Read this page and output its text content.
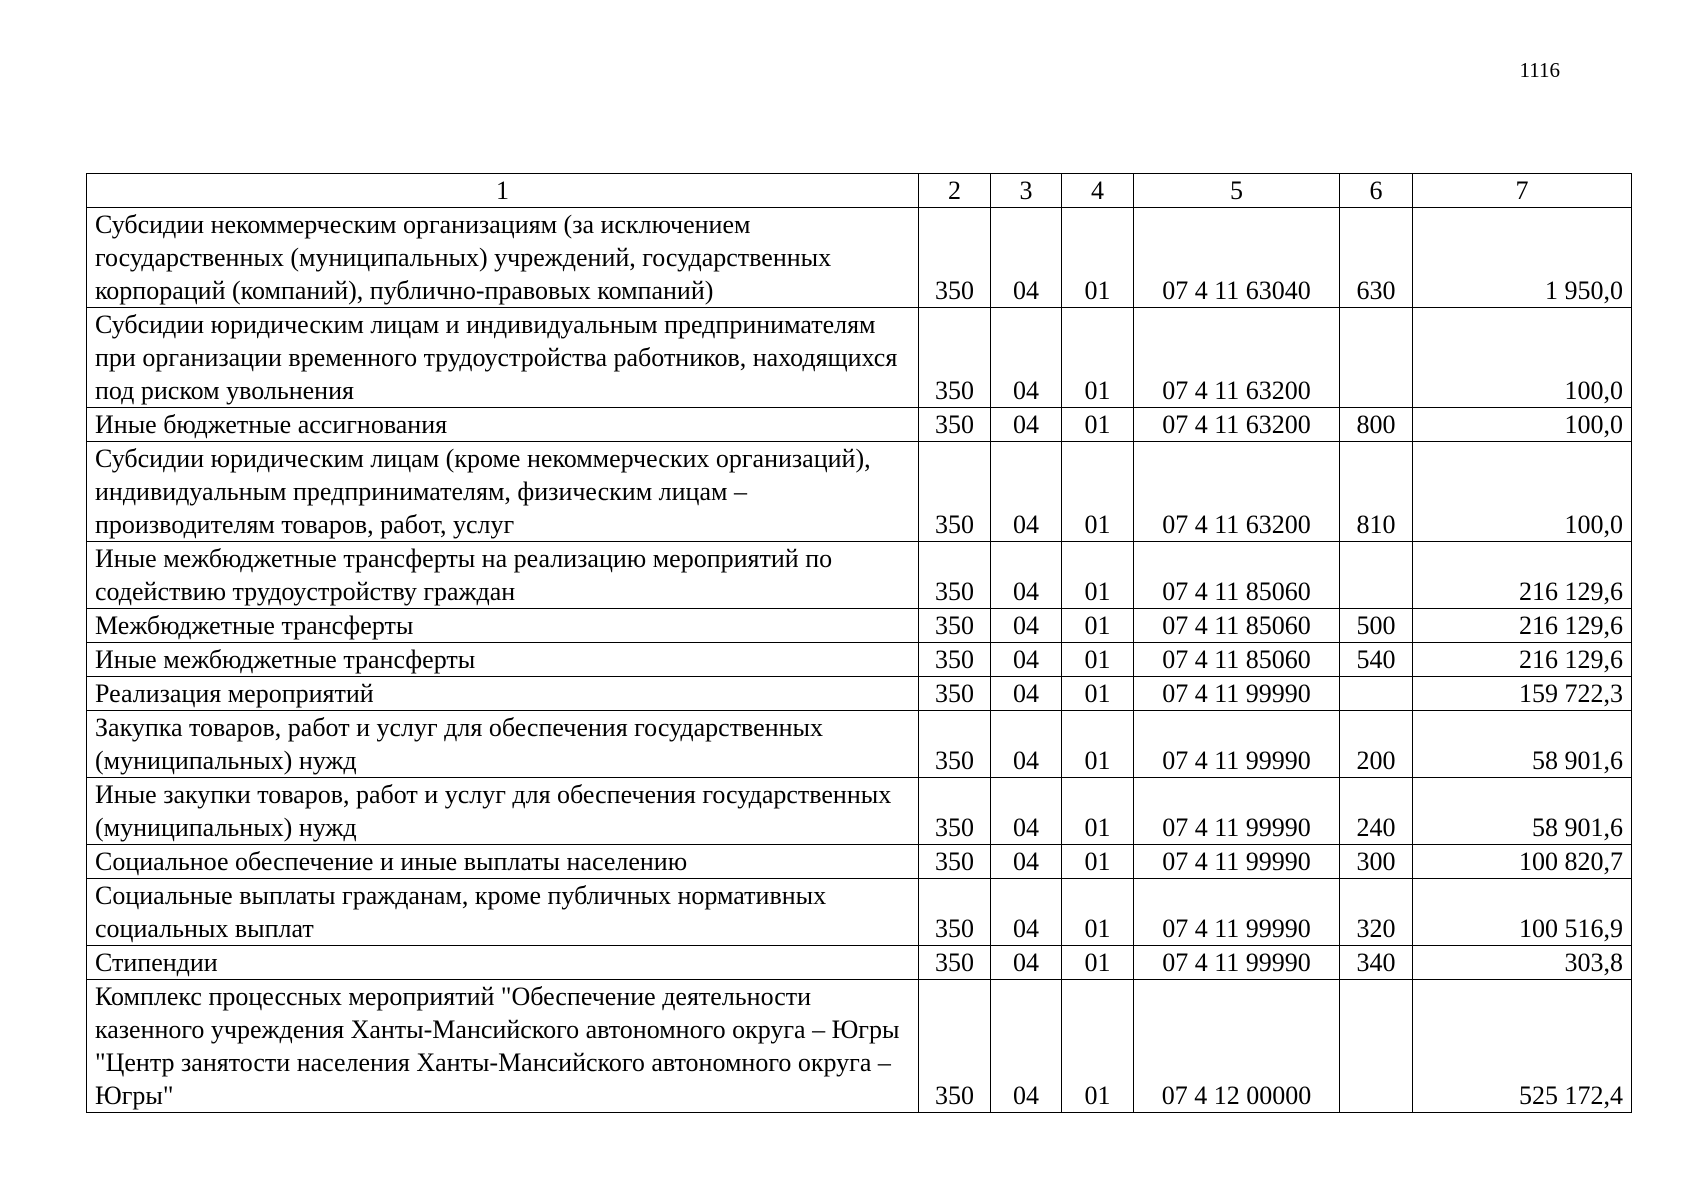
1116
1	2	3	4	5	6	7
Субсидии некоммерческим организациям (за исключением государственных (муниципальных) учреждений, государственных корпораций (компаний), публично-правовых компаний)	350	04	01	07 4 11 63040	630	1 950,0
Субсидии юридическим лицам и индивидуальным предпринимателям при организации временного трудоустройства работников, находящихся под риском увольнения	350	04	01	07 4 11 63200		100,0
Иные бюджетные ассигнования	350	04	01	07 4 11 63200	800	100,0
Субсидии юридическим лицам (кроме некоммерческих организаций), индивидуальным предпринимателям, физическим лицам – производителям товаров, работ, услуг	350	04	01	07 4 11 63200	810	100,0
Иные межбюджетные трансферты на реализацию мероприятий по содействию трудоустройству граждан	350	04	01	07 4 11 85060		216 129,6
Межбюджетные трансферты	350	04	01	07 4 11 85060	500	216 129,6
Иные межбюджетные трансферты	350	04	01	07 4 11 85060	540	216 129,6
Реализация мероприятий	350	04	01	07 4 11 99990		159 722,3
Закупка товаров, работ и услуг для обеспечения государственных (муниципальных) нужд	350	04	01	07 4 11 99990	200	58 901,6
Иные закупки товаров, работ и услуг для обеспечения государственных (муниципальных) нужд	350	04	01	07 4 11 99990	240	58 901,6
Социальное обеспечение и иные выплаты населению	350	04	01	07 4 11 99990	300	100 820,7
Социальные выплаты гражданам, кроме публичных нормативных социальных выплат	350	04	01	07 4 11 99990	320	100 516,9
Стипендии	350	04	01	07 4 11 99990	340	303,8
Комплекс процессных мероприятий "Обеспечение деятельности казенного учреждения Ханты-Мансийского автономного округа – Югры "Центр занятости населения Ханты-Мансийского автономного округа – Югры"	350	04	01	07 4 12 00000		525 172,4
